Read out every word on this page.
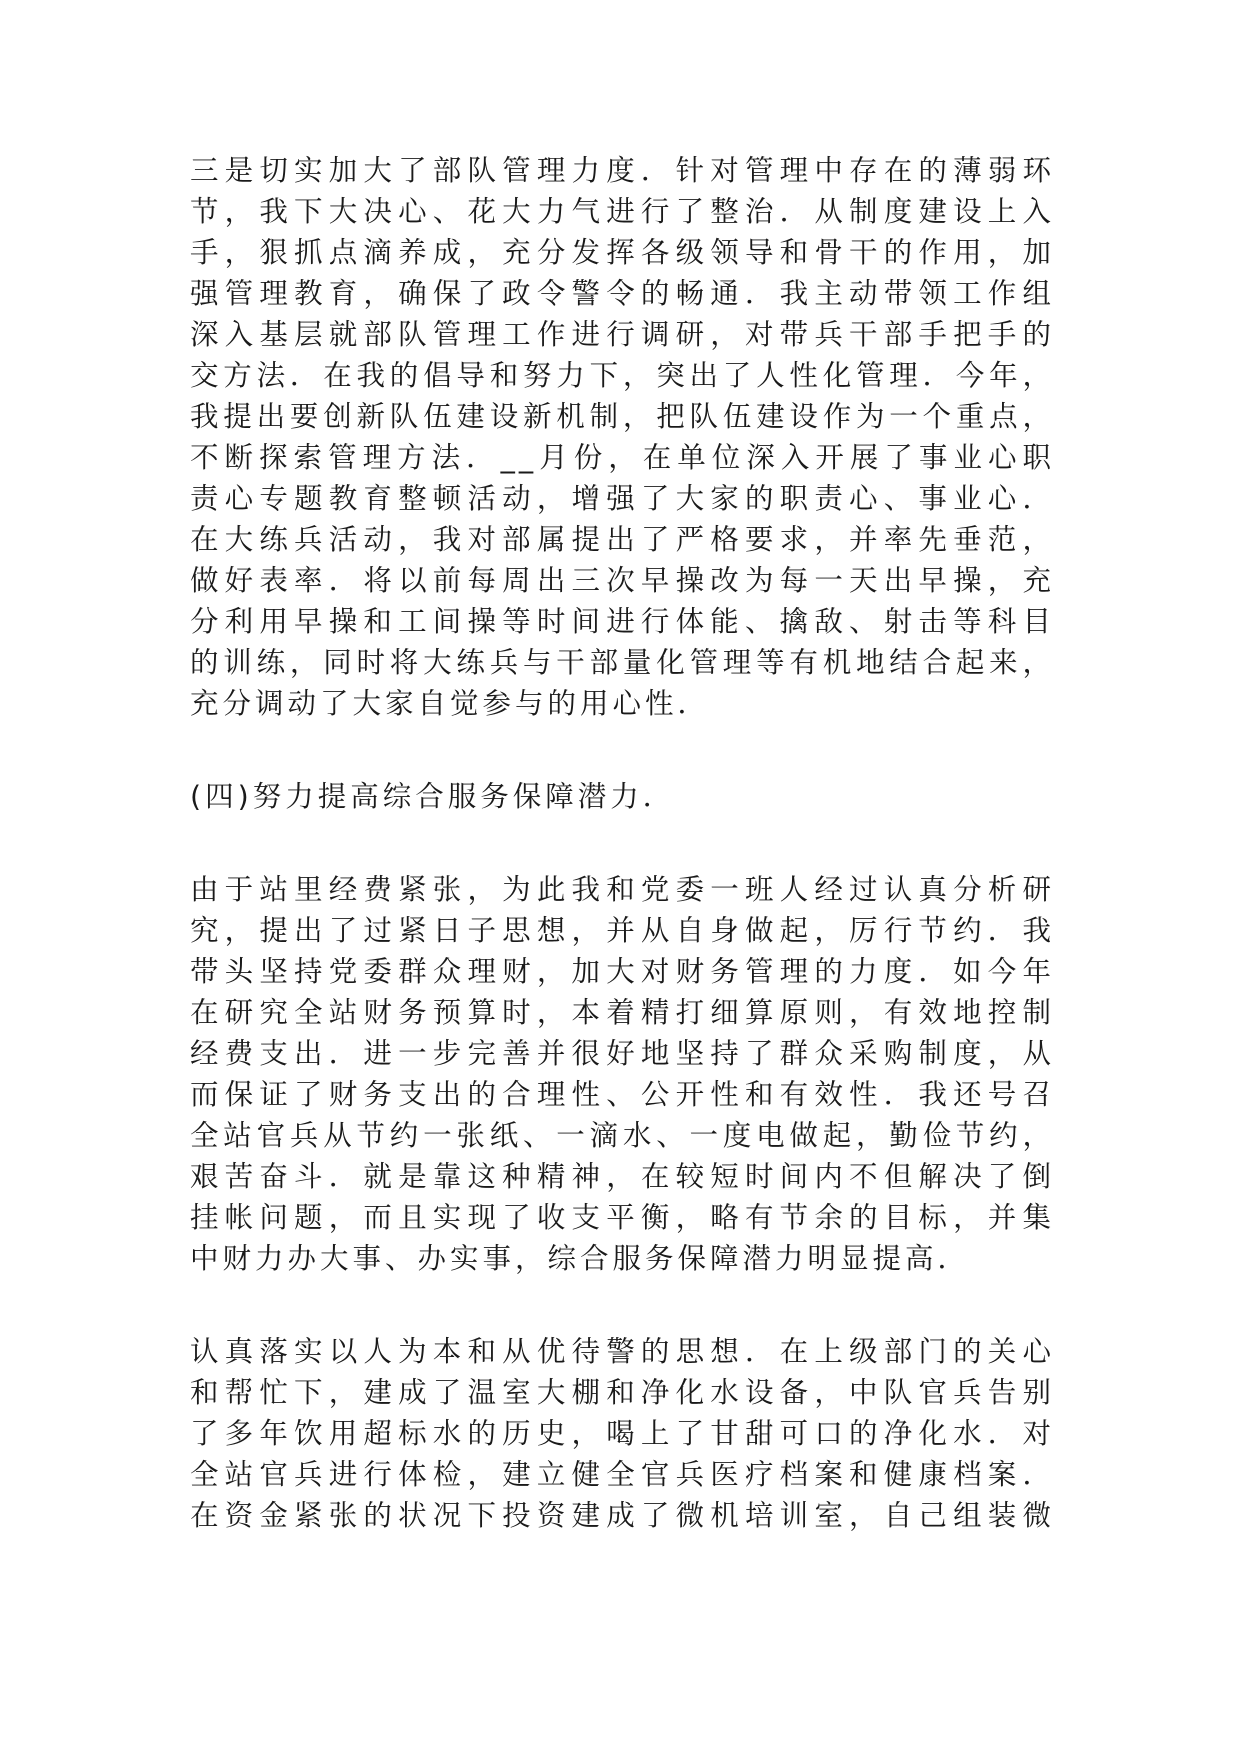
三是切实加大了部队管理力度．针对管理中存在的薄弱环
节，我下大决心、花大力气进行了整治．从制度建设上入
手，狠抓点滴养成，充分发挥各级领导和骨干的作用，加
强管理教育，确保了政令警令的畅通．我主动带领工作组
深入基层就部队管理工作进行调研，对带兵干部手把手的
交方法．在我的倡导和努力下，突出了人性化管理．今年，
我提出要创新队伍建设新机制，把队伍建设作为一个重点，
不断探索管理方法．__月份，在单位深入开展了事业心职
责心专题教育整顿活动，增强了大家的职责心、事业心．
在大练兵活动，我对部属提出了严格要求，并率先垂范，
做好表率．将以前每周出三次早操改为每一天出早操，充
分利用早操和工间操等时间进行体能、擒敌、射击等科目
的训练，同时将大练兵与干部量化管理等有机地结合起来，
充分调动了大家自觉参与的用心性．
(四)努力提高综合服务保障潜力．
由于站里经费紧张，为此我和党委一班人经过认真分析研
究，提出了过紧日子思想，并从自身做起，厉行节约．我
带头坚持党委群众理财，加大对财务管理的力度．如今年
在研究全站财务预算时，本着精打细算原则，有效地控制
经费支出．进一步完善并很好地坚持了群众采购制度，从
而保证了财务支出的合理性、公开性和有效性．我还号召
全站官兵从节约一张纸、一滴水、一度电做起，勤俭节约，
艰苦奋斗．就是靠这种精神，在较短时间内不但解决了倒
挂帐问题，而且实现了收支平衡，略有节余的目标，并集
中财力办大事、办实事，综合服务保障潜力明显提高．
认真落实以人为本和从优待警的思想．在上级部门的关心
和帮忙下，建成了温室大棚和净化水设备，中队官兵告别
了多年饮用超标水的历史，喝上了甘甜可口的净化水．对
全站官兵进行体检，建立健全官兵医疗档案和健康档案．
在资金紧张的状况下投资建成了微机培训室，自己组装微
